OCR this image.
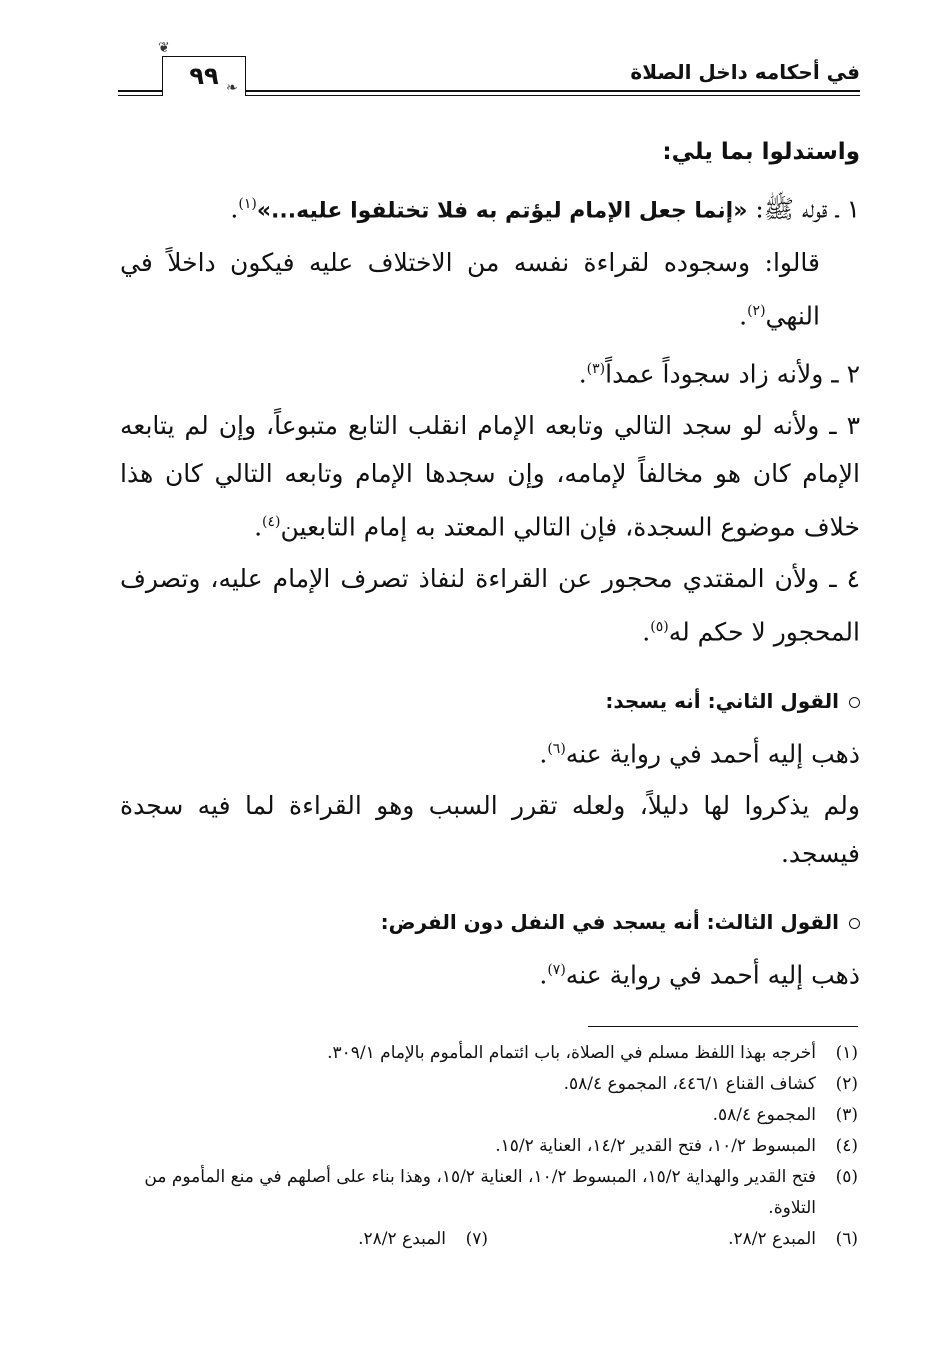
في أحكامه داخل الصلاة
٩٩
❦
❧

واستدلوا بما يلي:

١ ـ قوله ﷺ: «إنما جعل الإمام ليؤتم به فلا تختلفوا عليه...»$^{(١)}$.

قالوا: وسجوده لقراءة نفسه من الاختلاف عليه فيكون داخلاً في النهي$^{(٢)}$.

٢ ـ ولأنه زاد سجوداً عمداً$^{(٣)}$.

٣ ـ ولأنه لو سجد التالي وتابعه الإمام انقلب التابع متبوعاً، وإن لم يتابعه الإمام كان هو مخالفاً لإمامه، وإن سجدها الإمام وتابعه التالي كان هذا خلاف موضوع السجدة، فإن التالي المعتد به إمام التابعين$^{(٤)}$.

٤ ـ ولأن المقتدي محجور عن القراءة لنفاذ تصرف الإمام عليه، وتصرف المحجور لا حكم له$^{(٥)}$.

القول الثاني: أنه يسجد:

ذهب إليه أحمد في رواية عنه$^{(٦)}$.

ولم يذكروا لها دليلاً، ولعله تقرر السبب وهو القراءة لما فيه سجدة فيسجد.

القول الثالث: أنه يسجد في النفل دون الفرض:

ذهب إليه أحمد في رواية عنه$^{(٧)}$.

(١)
أخرجه بهذا اللفظ مسلم في الصلاة، باب ائتمام المأموم بالإمام ٣٠٩/١.
(٢)
كشاف القناع ٤٤٦/١، المجموع ٥٨/٤.
(٣)
المجموع ٥٨/٤.
(٤)
المبسوط ١٠/٢، فتح القدير ١٤/٢، العناية ١٥/٢.
(٥)
فتح القدير والهداية ١٥/٢، المبسوط ١٠/٢، العناية ١٥/٢، وهذا بناء على أصلهم في منع المأموم من التلاوة.
(٦)
المبدع ٢٨/٢.
(٧)
المبدع ٢٨/٢.
